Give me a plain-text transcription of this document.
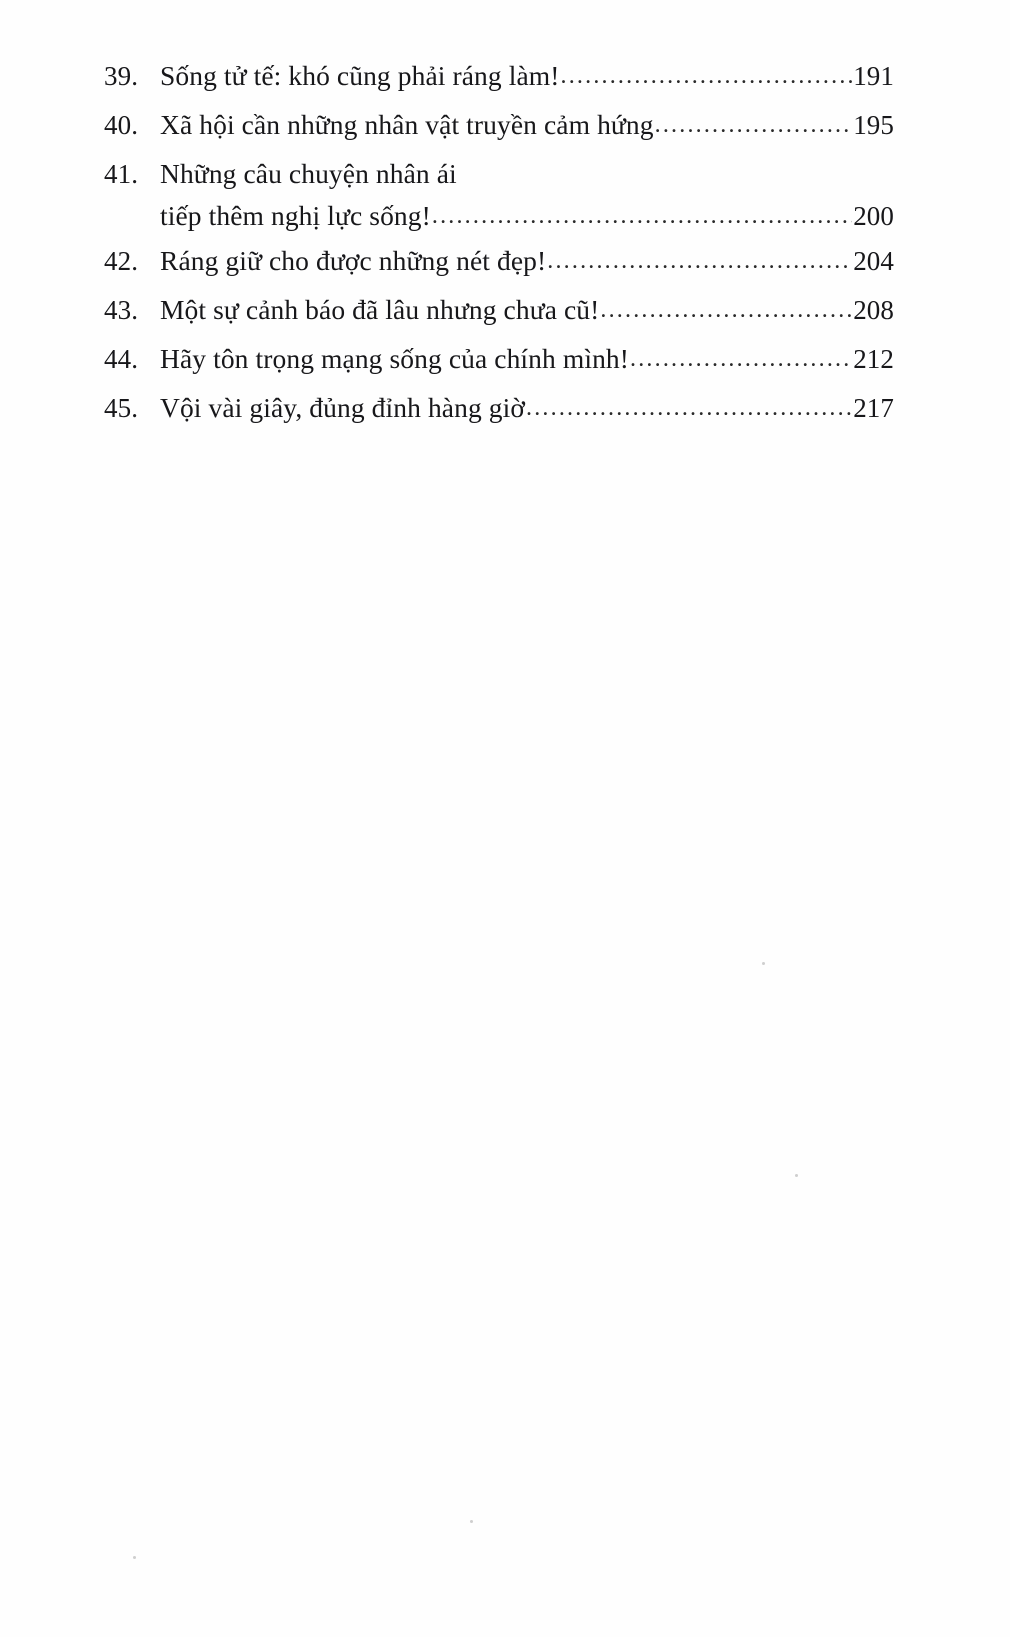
39. Sống tử tế: khó cũng phải ráng làm! .....	191
40. Xã hội cần những nhân vật truyền cảm hứng .....	195
41. Những câu chuyện nhân ái
tiếp thêm nghị lực sống! .....	200
42. Ráng giữ cho được những nét đẹp! .....	204
43. Một sự cảnh báo đã lâu nhưng chưa cũ! .....	208
44. Hãy tôn trọng mạng sống của chính mình! .....	212
45. Vội vài giây, đủng đỉnh hàng giờ .....	217
